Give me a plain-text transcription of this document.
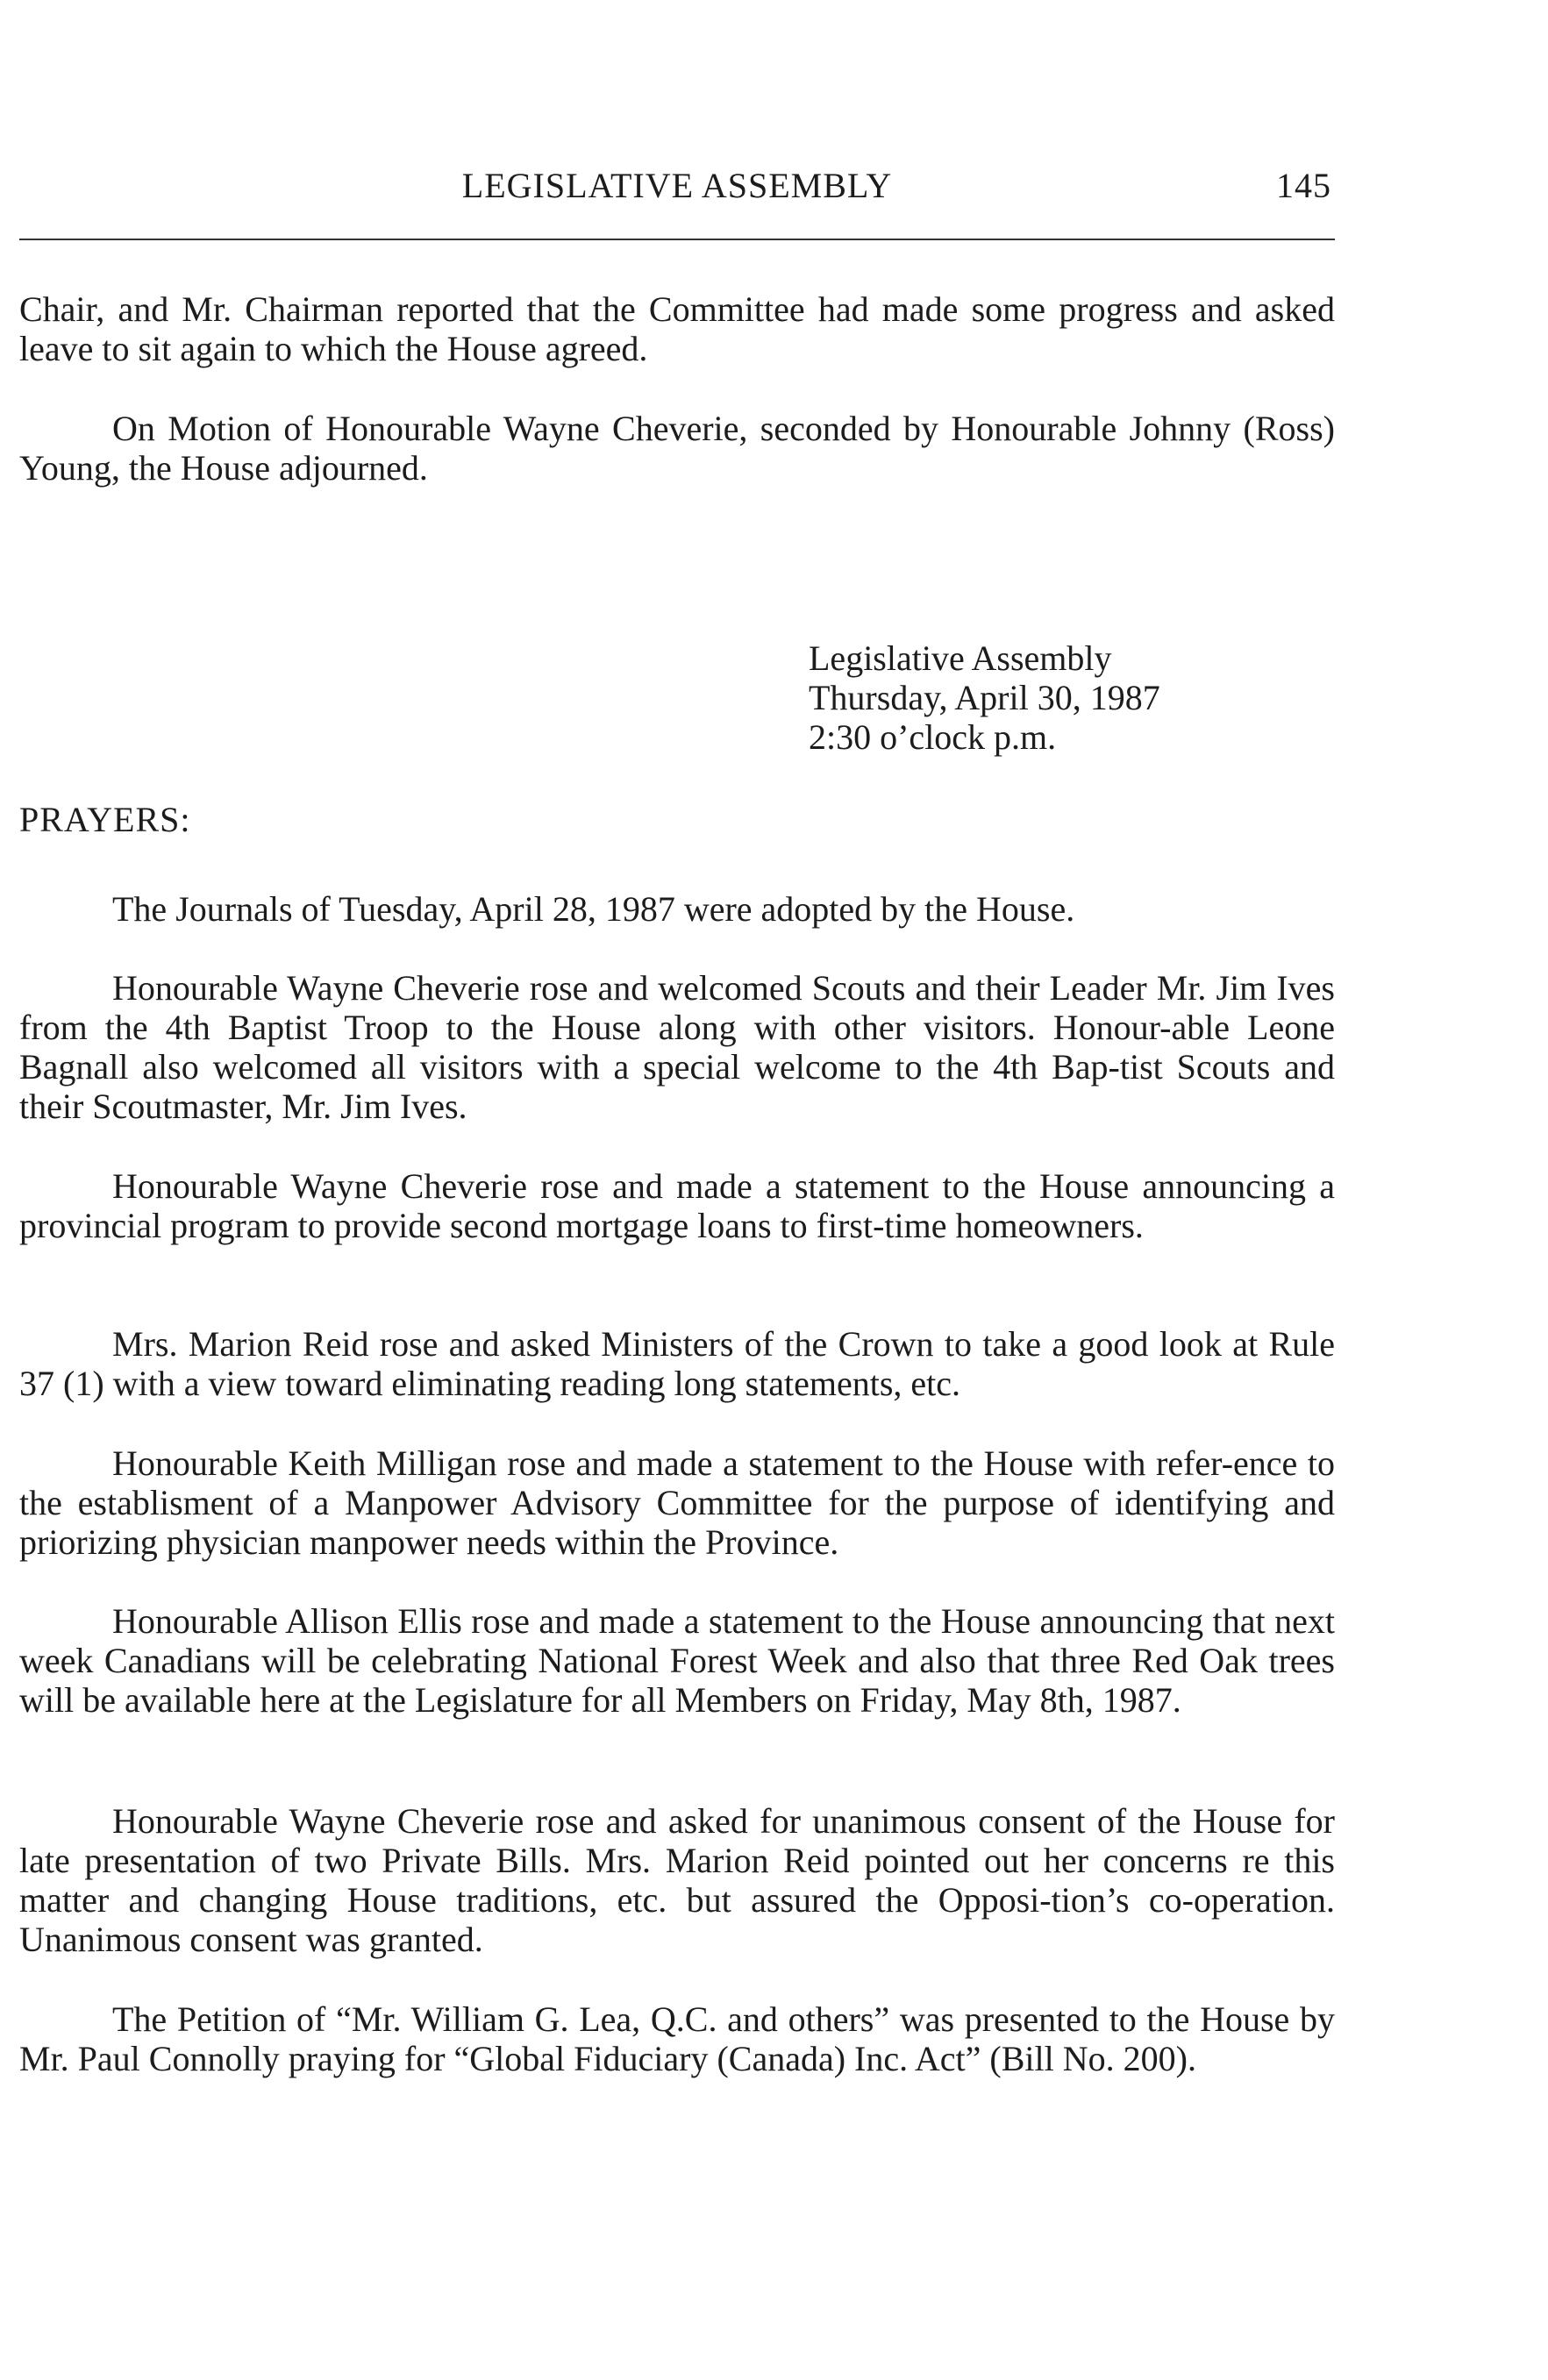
LEGISLATIVE ASSEMBLY	145

Chair, and Mr. Chairman reported that the Committee had made some progress and asked leave to sit again to which the House agreed.

On Motion of Honourable Wayne Cheverie, seconded by Honourable Johnny (Ross) Young, the House adjourned.

Legislative Assembly
Thursday, April 30, 1987
2:30 o’clock p.m.
PRAYERS:

The Journals of Tuesday, April 28, 1987 were adopted by the House.

Honourable Wayne Cheverie rose and welcomed Scouts and their Leader Mr. Jim Ives from the 4th Baptist Troop to the House along with other visitors. Honour-able Leone Bagnall also welcomed all visitors with a special welcome to the 4th Bap-tist Scouts and their Scoutmaster, Mr. Jim Ives.

Honourable Wayne Cheverie rose and made a statement to the House announcing a provincial program to provide second mortgage loans to first-time homeowners.

Mrs. Marion Reid rose and asked Ministers of the Crown to take a good look at Rule 37 (1) with a view toward eliminating reading long statements, etc.

Honourable Keith Milligan rose and made a statement to the House with refer-ence to the establisment of a Manpower Advisory Committee for the purpose of identifying and priorizing physician manpower needs within the Province.

Honourable Allison Ellis rose and made a statement to the House announcing that next week Canadians will be celebrating National Forest Week and also that three Red Oak trees will be available here at the Legislature for all Members on Friday, May 8th, 1987.

Honourable Wayne Cheverie rose and asked for unanimous consent of the House for late presentation of two Private Bills. Mrs. Marion Reid pointed out her concerns re this matter and changing House traditions, etc. but assured the Opposi-tion’s co-operation. Unanimous consent was granted.

The Petition of “Mr. William G. Lea, Q.C. and others” was presented to the House by Mr. Paul Connolly praying for “Global Fiduciary (Canada) Inc. Act” (Bill No. 200).
